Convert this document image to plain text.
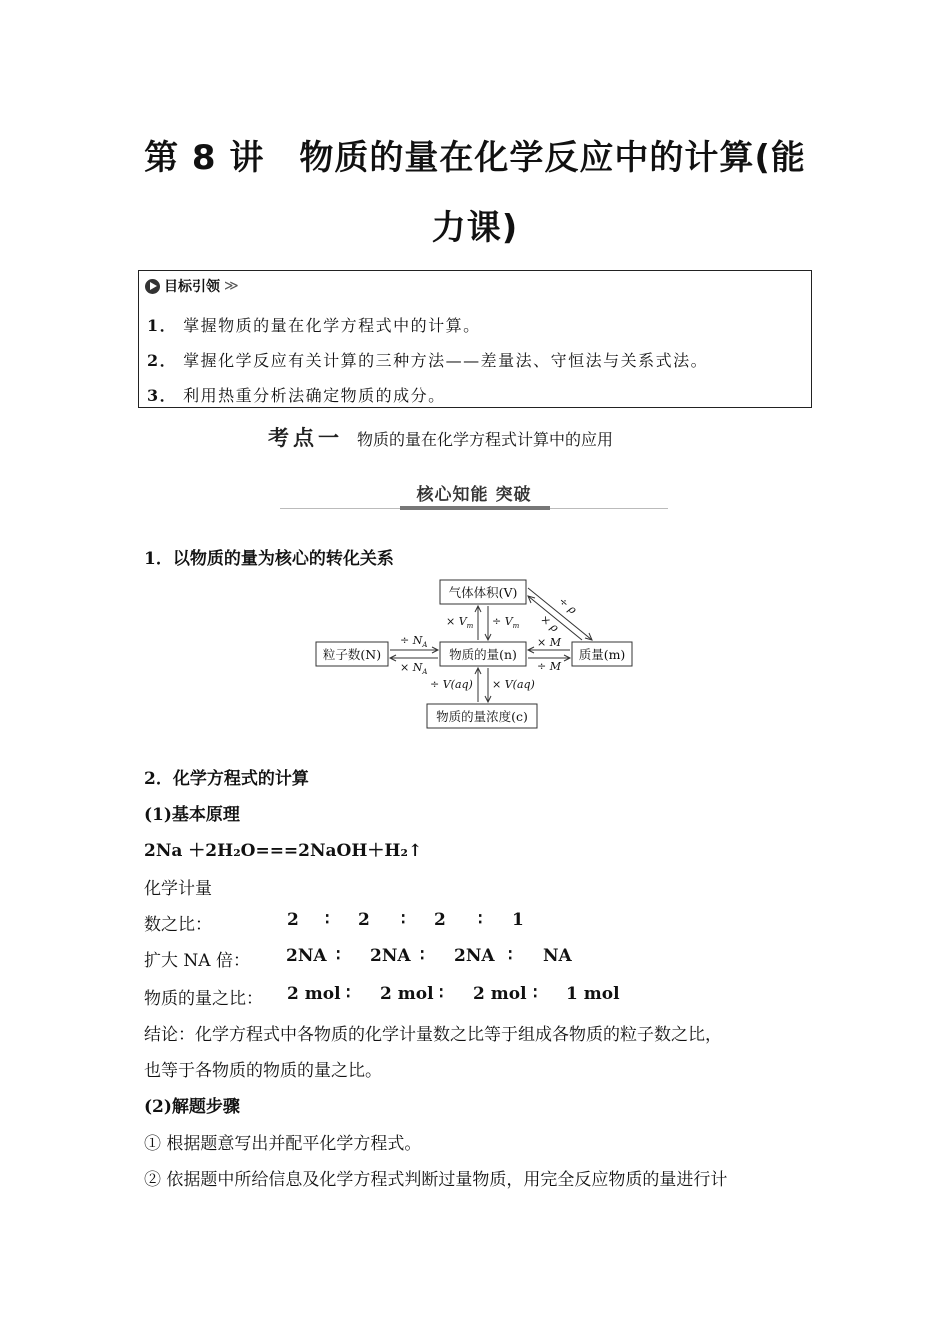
第 8 讲　物质的量在化学反应中的计算(能
力课)
目标引领 ≫
1． 掌握物质的量在化学方程式中的计算。
2． 掌握化学反应有关计算的三种方法——差量法、守恒法与关系式法。
3． 利用热重分析法确定物质的成分。
考点一 物质的量在化学方程式计算中的应用
核心知能 突破
1．以物质的量为核心的转化关系
气体体积(V)
粒子数(N)	物质的量(n)	质量(m)
物质的量浓度(c)
× $V_m \div V_m$
÷ $N_A$
× $N_A$
× M
÷ M
÷ V(aq) × V(aq)
÷ ρ
× ρ
2．化学方程式的计算
(1)基本原理
2Na ＋2H₂O===2NaOH＋H₂↑
化学计量
数之比：	2 ∶ 2 ∶ 2 ∶ 1
扩大 NA 倍： 2NA ∶ 2NA ∶ 2NA ∶ NA
物质的量之比： 2 mol ∶ 2 mol ∶ 2 mol ∶ 1 mol
结论：化学方程式中各物质的化学计量数之比等于组成各物质的粒子数之比，
也等于各物质的物质的量之比。
(2)解题步骤
① 根据题意写出并配平化学方程式。
② 依据题中所给信息及化学方程式判断过量物质，用完全反应物质的量进行计
